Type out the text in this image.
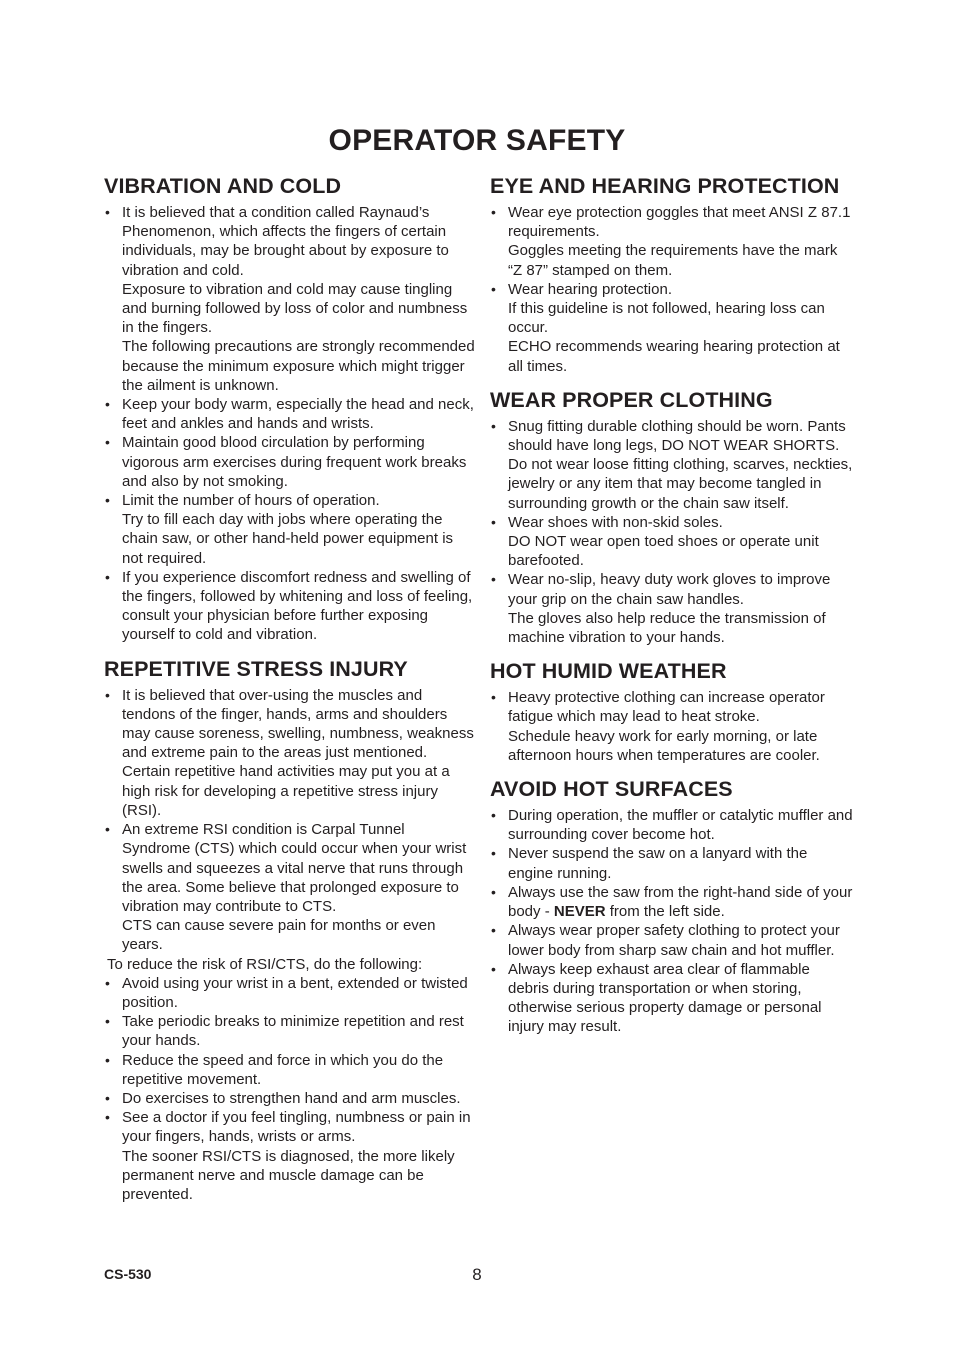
OPERATOR SAFETY
VIBRATION AND COLD
• It is believed that a condition called Raynaud’s Phenomenon, which affects the fingers of certain individuals, may be brought about by exposure to vibration and cold.
Exposure to vibration and cold may cause tingling and burning followed by loss of color and numbness in the fingers.
The following precautions are strongly recommended because the minimum exposure which might trigger the ailment is unknown.
• Keep your body warm, especially the head and neck, feet and ankles and hands and wrists.
• Maintain good blood circulation by performing vigorous arm exercises during frequent work breaks and also by not smoking.
• Limit the number of hours of operation.
Try to fill each day with jobs where operating the chain saw, or other hand-held power equipment is not required.
• If you experience discomfort redness and swelling of the fingers, followed by whitening and loss of feeling, consult your physician before further exposing yourself to cold and vibration.
REPETITIVE STRESS INJURY
• It is believed that over-using the muscles and tendons of the finger, hands, arms and shoulders may cause soreness, swelling, numbness, weakness and extreme pain to the areas just mentioned.
Certain repetitive hand activities may put you at a high risk for developing a repetitive stress injury (RSI).
• An extreme RSI condition is Carpal Tunnel Syndrome (CTS) which could occur when your wrist swells and squeezes a vital nerve that runs through the area. Some believe that prolonged exposure to vibration may contribute to CTS.
CTS can cause severe pain for months or even years.
To reduce the risk of RSI/CTS, do the following:
• Avoid using your wrist in a bent, extended or twisted position.
• Take periodic breaks to minimize repetition and rest your hands.
• Reduce the speed and force in which you do the repetitive movement.
• Do exercises to strengthen hand and arm muscles.
• See a doctor if you feel tingling, numbness or pain in your fingers, hands, wrists or arms.
The sooner RSI/CTS is diagnosed, the more likely permanent nerve and muscle damage can be prevented.
EYE AND HEARING PROTECTION
• Wear eye protection goggles that meet ANSI Z 87.1 requirements.
Goggles meeting the requirements have the mark “Z 87” stamped on them.
• Wear hearing protection.
If this guideline is not followed, hearing loss can occur.
ECHO recommends wearing hearing protection at all times.
WEAR PROPER CLOTHING
• Snug fitting durable clothing should be worn. Pants should have long legs, DO NOT WEAR SHORTS.
Do not wear loose fitting clothing, scarves, neckties, jewelry or any item that may become tangled in surrounding growth or the chain saw itself.
• Wear shoes with non-skid soles.
DO NOT wear open toed shoes or operate unit barefooted.
• Wear no-slip, heavy duty work gloves to improve your grip on the chain saw handles.
The gloves also help reduce the transmission of machine vibration to your hands.
HOT HUMID WEATHER
• Heavy protective clothing can increase operator fatigue which may lead to heat stroke.
Schedule heavy work for early morning, or late afternoon hours when temperatures are cooler.
AVOID HOT SURFACES
• During operation, the muffler or catalytic muffler and surrounding cover become hot.
• Never suspend the saw on a lanyard with the engine running.
• Always use the saw from the right-hand side of your body - NEVER from the left side.
• Always wear proper safety clothing to protect your lower body from sharp saw chain and hot muffler.
• Always keep exhaust area clear of flammable debris during transportation or when storing, otherwise serious property damage or personal injury may result.
CS-530	8
